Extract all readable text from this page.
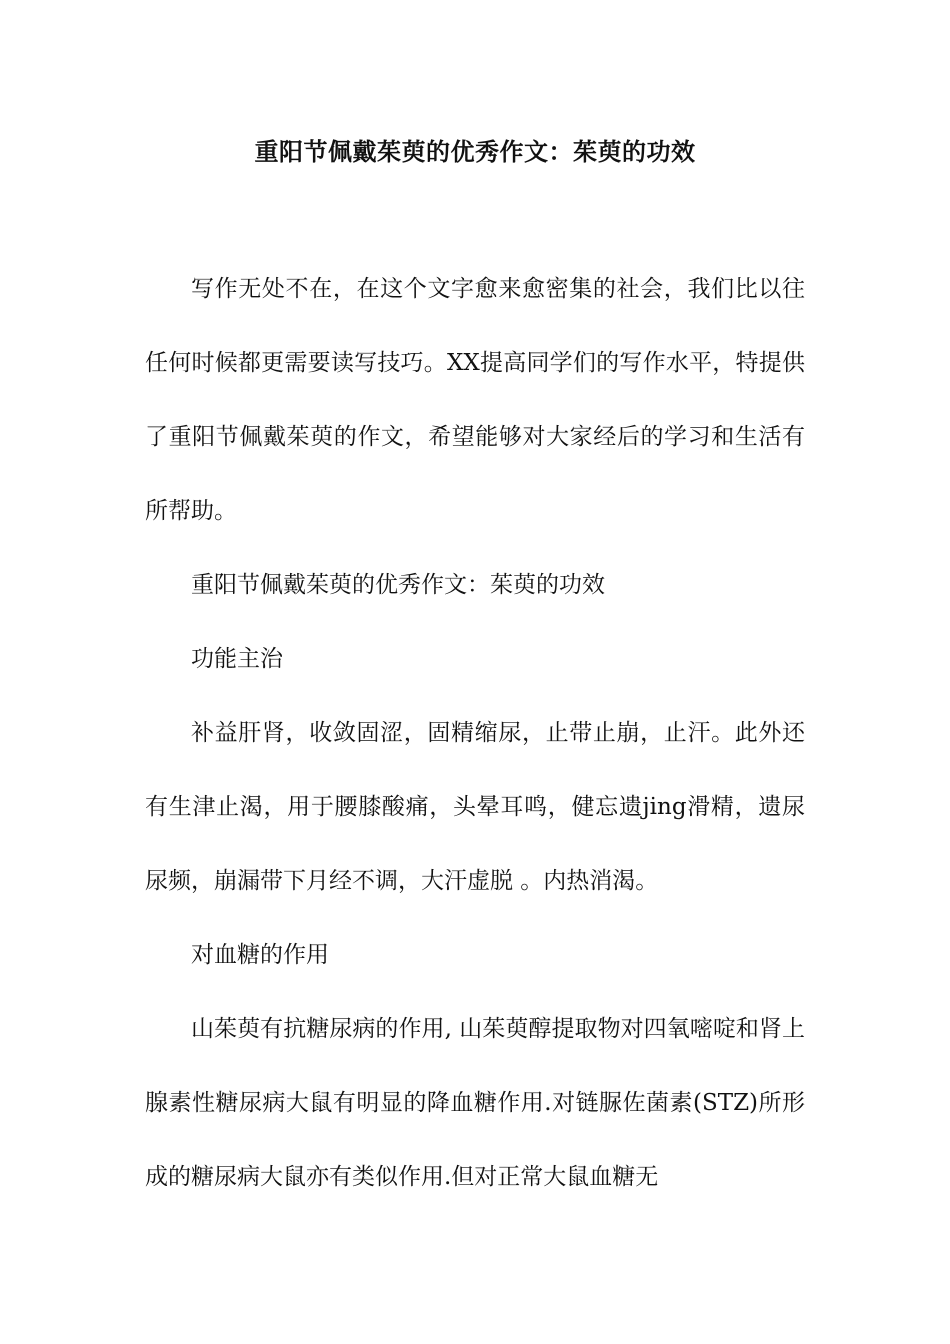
重阳节佩戴茱萸的优秀作文：茱萸的功效

写作无处不在，在这个文字愈来愈密集的社会，我们比以往任何时候都更需要读写技巧。XX提高同学们的写作水平，特提供了重阳节佩戴茱萸的作文，希望能够对大家经后的学习和生活有所帮助。

重阳节佩戴茱萸的优秀作文：茱萸的功效

功能主治

补益肝肾，收敛固涩，固精缩尿，止带止崩，止汗。此外还有生津止渴，用于腰膝酸痛，头晕耳鸣，健忘遗jing滑精，遗尿尿频，崩漏带下月经不调，大汗虚脱 。内热消渴。

对血糖的作用

山茱萸有抗糖尿病的作用, 山茱萸醇提取物对四氧嘧啶和肾上腺素性糖尿病大鼠有明显的降血糖作用.对链脲佐菌素(STZ)所形成的糖尿病大鼠亦有类似作用.但对正常大鼠血糖无
